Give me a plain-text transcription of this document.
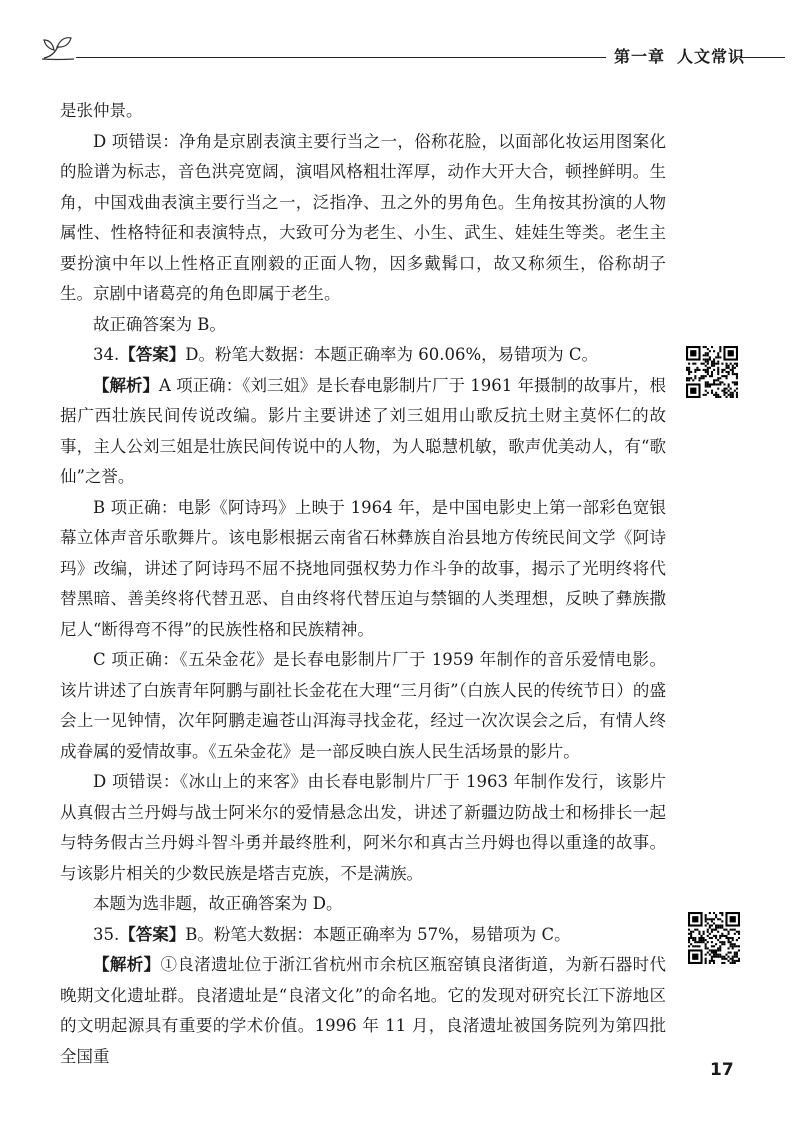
第一章 人文常识

是张仲景。

D 项错误：净角是京剧表演主要行当之一，俗称花脸，以面部化妆运用图案化的脸谱为标志，音色洪亮宽阔，演唱风格粗壮浑厚，动作大开大合，顿挫鲜明。生角，中国戏曲表演主要行当之一，泛指净、丑之外的男角色。生角按其扮演的人物属性、性格特征和表演特点，大致可分为老生、小生、武生、娃娃生等类。老生主要扮演中年以上性格正直刚毅的正面人物，因多戴髯口，故又称须生，俗称胡子生。京剧中诸葛亮的角色即属于老生。

故正确答案为 B。

34.【答案】D。粉笔大数据：本题正确率为 60.06%，易错项为 C。

【解析】A 项正确：《刘三姐》是长春电影制片厂于 1961 年摄制的故事片，根据广西壮族民间传说改编。影片主要讲述了刘三姐用山歌反抗土财主莫怀仁的故事，主人公刘三姐是壮族民间传说中的人物，为人聪慧机敏，歌声优美动人，有“歌仙”之誉。

B 项正确：电影《阿诗玛》上映于 1964 年，是中国电影史上第一部彩色宽银幕立体声音乐歌舞片。该电影根据云南省石林彝族自治县地方传统民间文学《阿诗玛》改编，讲述了阿诗玛不屈不挠地同强权势力作斗争的故事，揭示了光明终将代替黑暗、善美终将代替丑恶、自由终将代替压迫与禁锢的人类理想，反映了彝族撒尼人“断得弯不得”的民族性格和民族精神。

C 项正确：《五朵金花》是长春电影制片厂于 1959 年制作的音乐爱情电影。该片讲述了白族青年阿鹏与副社长金花在大理“三月街”（白族人民的传统节日）的盛会上一见钟情，次年阿鹏走遍苍山洱海寻找金花，经过一次次误会之后，有情人终成眷属的爱情故事。《五朵金花》是一部反映白族人民生活场景的影片。

D 项错误：《冰山上的来客》由长春电影制片厂于 1963 年制作发行，该影片从真假古兰丹姆与战士阿米尔的爱情悬念出发，讲述了新疆边防战士和杨排长一起与特务假古兰丹姆斗智斗勇并最终胜利，阿米尔和真古兰丹姆也得以重逢的故事。与该影片相关的少数民族是塔吉克族，不是满族。

本题为选非题，故正确答案为 D。

35.【答案】B。粉笔大数据：本题正确率为 57%，易错项为 C。

【解析】①良渚遗址位于浙江省杭州市余杭区瓶窑镇良渚街道，为新石器时代晚期文化遗址群。良渚遗址是“良渚文化”的命名地。它的发现对研究长江下游地区的文明起源具有重要的学术价值。1996 年 11 月，良渚遗址被国务院列为第四批全国重

17
